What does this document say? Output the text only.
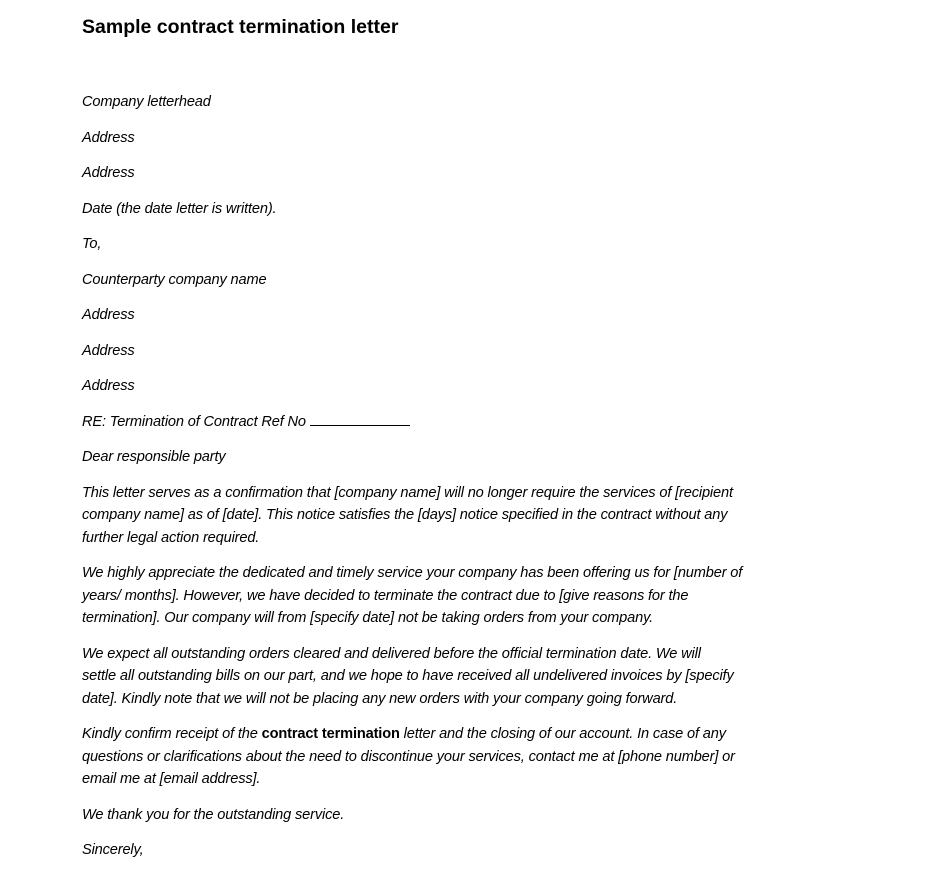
Sample contract termination letter

Company letterhead

Address

Address

Date (the date letter is written).

To,

Counterparty company name

Address

Address

Address

RE: Termination of Contract Ref No

Dear responsible party

This letter serves as a confirmation that [company name] will no longer require the services of [recipient
company name] as of [date]. This notice satisfies the [days] notice specified in the contract without any
further legal action required.

We highly appreciate the dedicated and timely service your company has been offering us for [number of
years/ months]. However, we have decided to terminate the contract due to [give reasons for the
termination]. Our company will from [specify date] not be taking orders from your company.

We expect all outstanding orders cleared and delivered before the official termination date. We will
settle all outstanding bills on our part, and we hope to have received all undelivered invoices by [specify
date]. Kindly note that we will not be placing any new orders with your company going forward.

Kindly confirm receipt of the contract termination letter and the closing of our account. In case of any
questions or clarifications about the need to discontinue your services, contact me at [phone number] or
email me at [email address].

We thank you for the outstanding service.

Sincerely,
